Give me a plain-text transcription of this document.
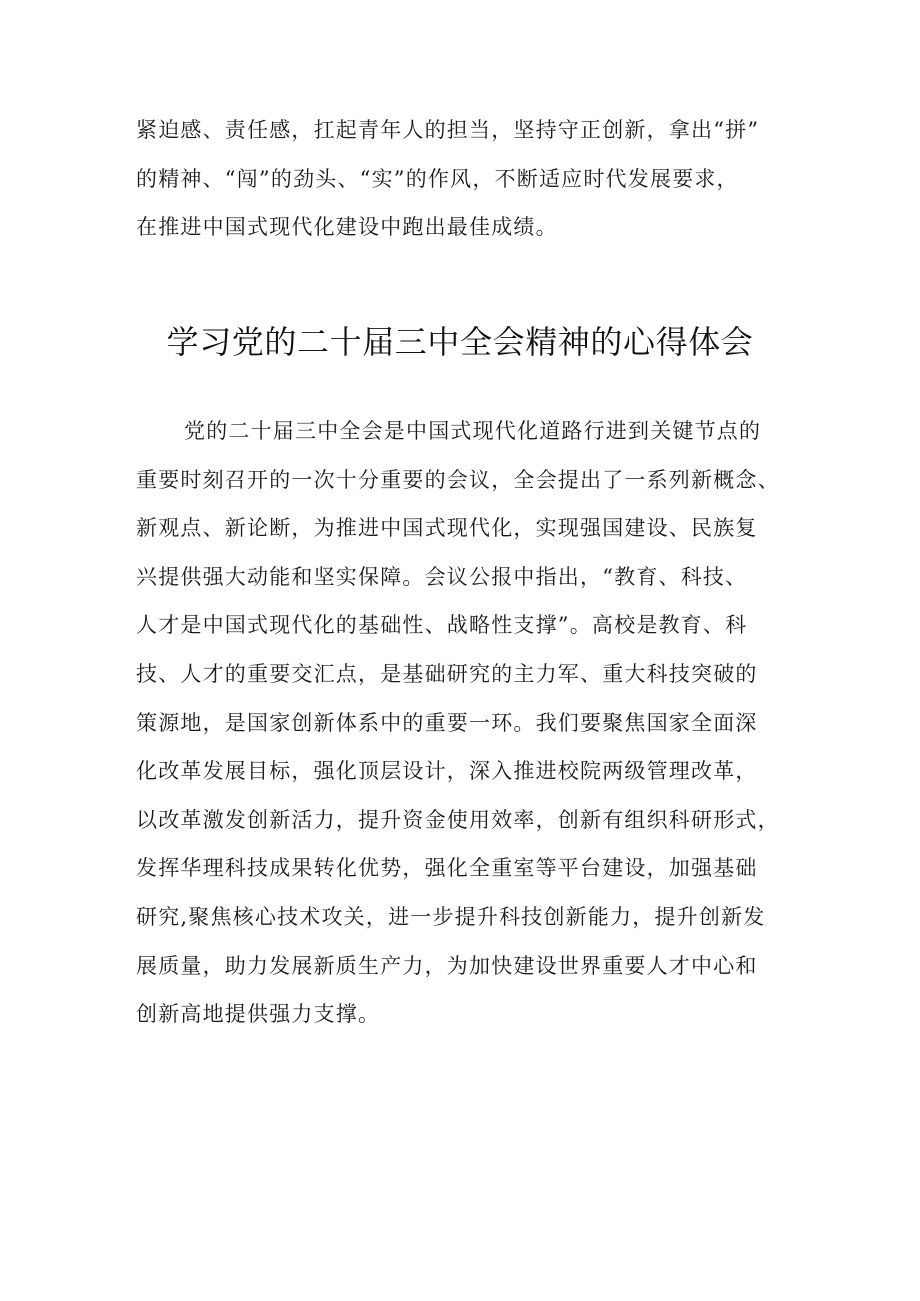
紧迫感、责任感，扛起青年人的担当，坚持守正创新，拿出“拼”
的精神、“闯”的劲头、“实”的作风，不断适应时代发展要求，
在推进中国式现代化建设中跑出最佳成绩。
学习党的二十届三中全会精神的心得体会
党的二十届三中全会是中国式现代化道路行进到关键节点的
重要时刻召开的一次十分重要的会议，全会提出了一系列新概念、
新观点、新论断，为推进中国式现代化，实现强国建设、民族复
兴提供强大动能和坚实保障。会议公报中指出，“教育、科技、
人才是中国式现代化的基础性、战略性支撑”。高校是教育、科
技、人才的重要交汇点，是基础研究的主力军、重大科技突破的
策源地，是国家创新体系中的重要一环。我们要聚焦国家全面深
化改革发展目标，强化顶层设计，深入推进校院两级管理改革，
以改革激发创新活力，提升资金使用效率，创新有组织科研形式，
发挥华理科技成果转化优势，强化全重室等平台建设，加强基础
研究,聚焦核心技术攻关，进一步提升科技创新能力，提升创新发
展质量，助力发展新质生产力，为加快建设世界重要人才中心和
创新高地提供强力支撑。
